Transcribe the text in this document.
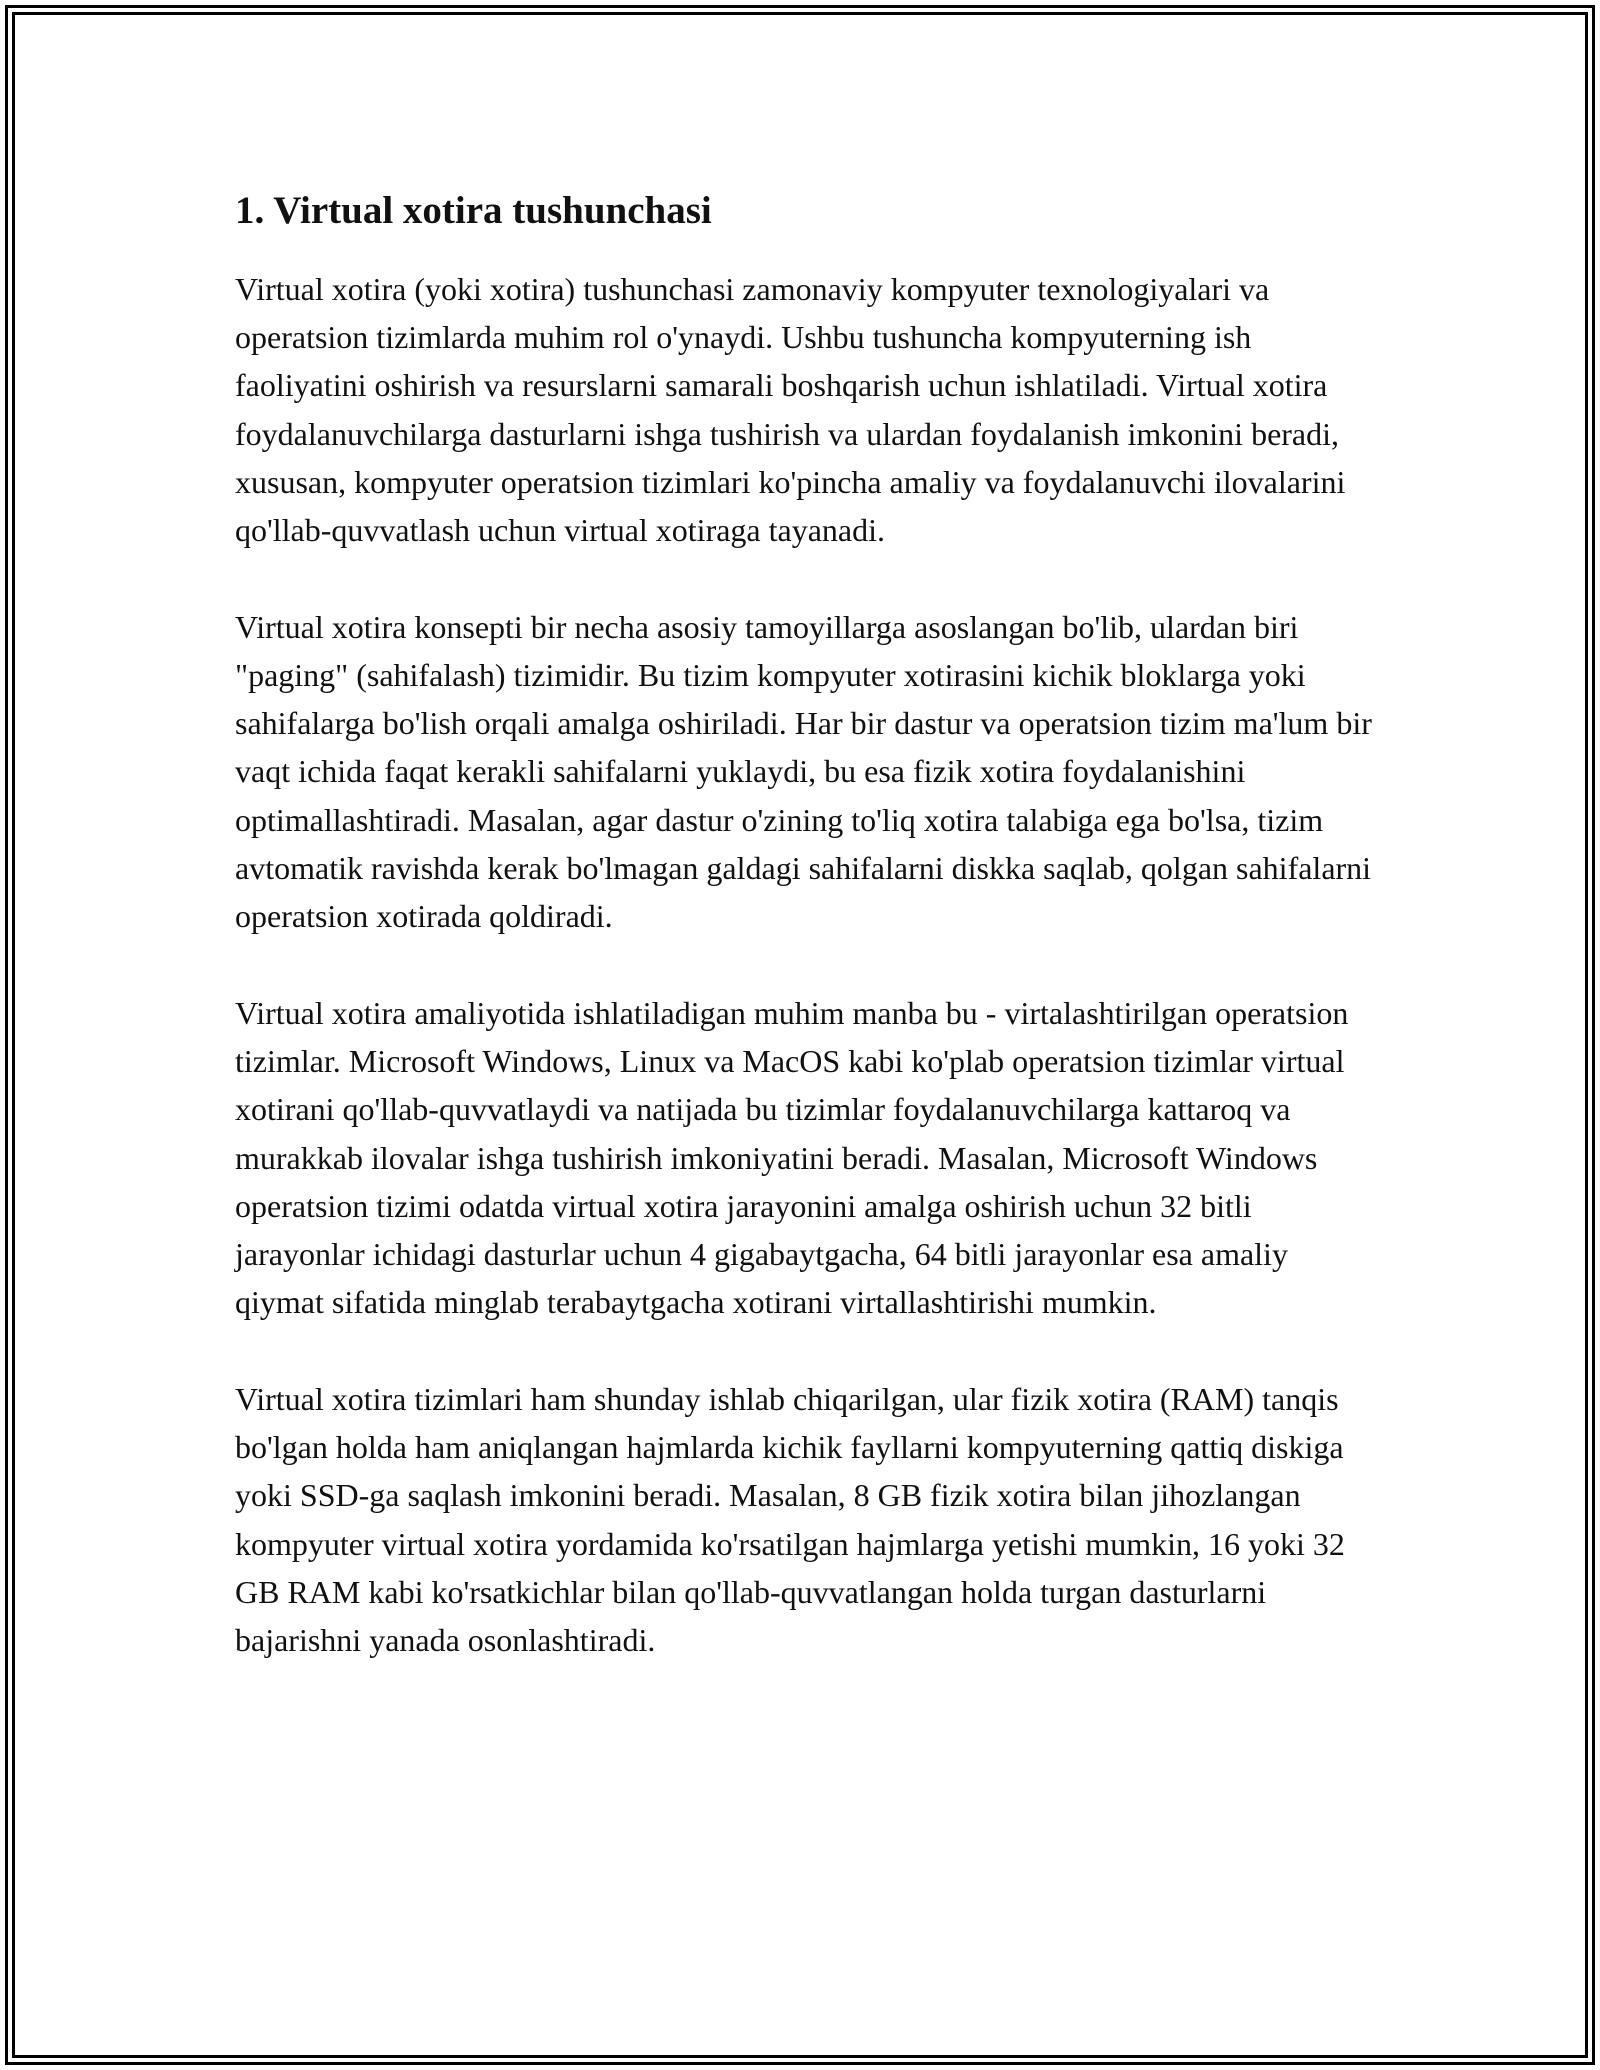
1. Virtual xotira tushunchasi

Virtual xotira (yoki xotira) tushunchasi zamonaviy kompyuter texnologiyalari va operatsion tizimlarda muhim rol o'ynaydi. Ushbu tushuncha kompyuterning ish faoliyatini oshirish va resurslarni samarali boshqarish uchun ishlatiladi. Virtual xotira foydalanuvchilarga dasturlarni ishga tushirish va ulardan foydalanish imkonini beradi, xususan, kompyuter operatsion tizimlari ko'pincha amaliy va foydalanuvchi ilovalarini qo'llab-quvvatlash uchun virtual xotiraga tayanadi.

Virtual xotira konsepti bir necha asosiy tamoyillarga asoslangan bo'lib, ulardan biri "paging" (sahifalash) tizimidir. Bu tizim kompyuter xotirasini kichik bloklarga yoki sahifalarga bo'lish orqali amalga oshiriladi. Har bir dastur va operatsion tizim ma'lum bir vaqt ichida faqat kerakli sahifalarni yuklaydi, bu esa fizik xotira foydalanishini optimallashtiradi. Masalan, agar dastur o'zining to'liq xotira talabiga ega bo'lsa, tizim avtomatik ravishda kerak bo'lmagan galdagi sahifalarni diskka saqlab, qolgan sahifalarni operatsion xotirada qoldiradi.

Virtual xotira amaliyotida ishlatiladigan muhim manba bu - virtalashtirilgan operatsion tizimlar. Microsoft Windows, Linux va MacOS kabi ko'plab operatsion tizimlar virtual xotirani qo'llab-quvvatlaydi va natijada bu tizimlar foydalanuvchilarga kattaroq va murakkab ilovalar ishga tushirish imkoniyatini beradi. Masalan, Microsoft Windows operatsion tizimi odatda virtual xotira jarayonini amalga oshirish uchun 32 bitli jarayonlar ichidagi dasturlar uchun 4 gigabaytgacha, 64 bitli jarayonlar esa amaliy qiymat sifatida minglab terabaytgacha xotirani virtallashtirishi mumkin.

Virtual xotira tizimlari ham shunday ishlab chiqarilgan, ular fizik xotira (RAM) tanqis bo'lgan holda ham aniqlangan hajmlarda kichik fayllarni kompyuterning qattiq diskiga yoki SSD-ga saqlash imkonini beradi. Masalan, 8 GB fizik xotira bilan jihozlangan kompyuter virtual xotira yordamida ko'rsatilgan hajmlarga yetishi mumkin, 16 yoki 32 GB RAM kabi ko'rsatkichlar bilan qo'llab-quvvatlangan holda turgan dasturlarni bajarishni yanada osonlashtiradi.
